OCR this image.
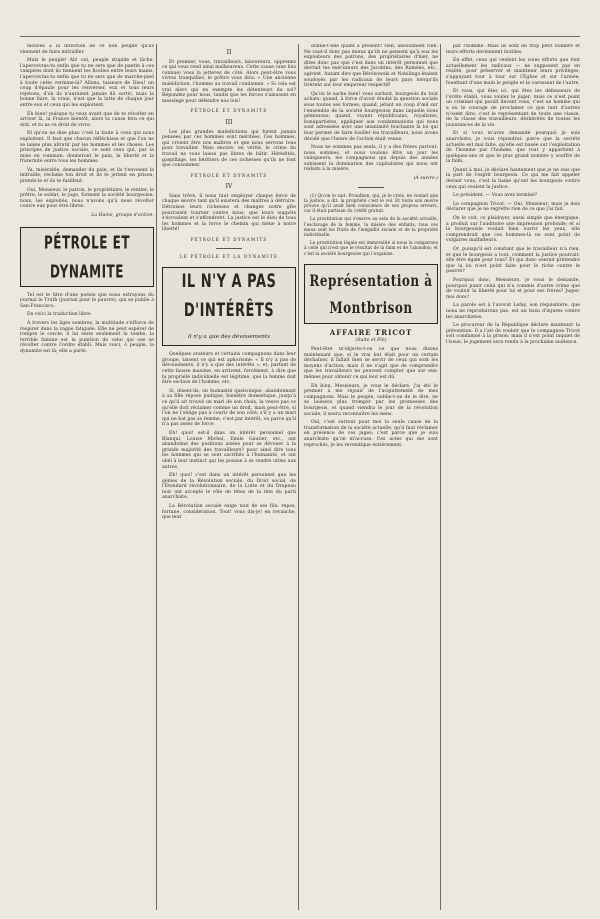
mouvez à la direction de ce bon peuple qu'ils viennent de faire mitrailler.

Mais le peuple! Ah! oui, peuple stupide et lâche, l'apercevras-tu enfin que tu ne sers que de pantin à ces vampires dont ils tiennent les ficelles entre leurs mains, l'apercevras-tu enfin que tu ne sers que de marche-pied à toute cette vermine-là? Allons, taiseurs de Dieu! un coup d'épaule pour les renverser, eux et tous leurs rejetons, d'où ils n'auraient jamais dû sortir; mais la bonne faire, la vraie, n'est que la lutte de chaque jour entre eux et ceux qui les exploitent.

Eh bien! puisque tu veux avant que de te révolter en arriver là, la France bientôt, alors ta cause fera ce qui doit, et tu as ce droit de vivre.

Et qu'on ne dise plus: c'est la faute à ceux qui nous exploitent. Il faut que chacun réfléchisse et que l'on ne se laisse plus abrutir par les hommes et les choses. Les principes de justice sociale, ce sont ceux qui, par la mise en commun, donneront le pain, la liberté et la fraternité entre tous les hommes.

Va, misérable, demander du pain, et ils t'envoient la mitraille; réclame ton droit et ils te jettent en prison; prends-le et ils te fusillent.

Oui, Monsieur, le patron, le propriétaire, le rentier, le prêtre, le soldat, le juge, forment la société bourgeoise; nous, les exploités, nous n'avons qu'à nous révolter contre eux pour être libres.

La Haine, groupe d'action.

PÉTROLE ET DYNAMITE

Tel est le titre d'une poésie que nous extrayons du journal le Truth (journal pour le pauvre), qui se publie à San-Francisco.

En voici la traduction libre:

À travers les âges sombres, la multitude s'efforce de respirer dans la vague fatiguée. Elle ne peut espérer de rompre le cercle; il lui reste seulement la tombe, la terrible famine est la punition de celui qui ose se révolter contre l'ordre établi. Mais voici, ô peuple, la dynamite est là; elle a parlé.

II

Et premier, vous, travailleurs, laboureurs, apprenez ce qui vous rend ainsi malheureux. Cette cause (une fois connue) vous la jetterez de côté. Alors peut-être vous vivrez tranquilles, le prêtre vous dira: « Une ancienne malédiction, l'homme au travail condamné. » Si cela est vrai alors qui en exempte les détenteurs du sol? Répondez pour nous, tandis que les forces s'amusent en messinge pour défendre nos lois!

PÉTROLE ET DYNAMITE

III

Les plus grandes malédictions qui furent jamais pensées par ces hommes sont méritées. Ces hommes, qui croient être nos maîtres et que nous servons tous pour travailler. Mais encore, en vérité, le crime du travail ne vous laisse pas libres de bâtir. Hérédités, gaspillage, les héritiers de ces richesses qu'ils ne font que consommer.

PÉTROLE ET DYNAMITE

IV

Sans trêve, il nous faut employer chaque force de chaque œuvre tant qu'il existera des maîtres à détruire. Détruisez leurs richesses et changez notre gîte pourraient tourner contre nous; que leurs suppôts s'écroulent et s'effondrent. La justice est le dieu de tous les hommes et la force le chemin qui mène à notre liberté!

PÉTROLE ET DYNAMITE

LE PÉTROLE ET LA DYNAMITE

IL N'Y A PAS D'INTÉRÊTS
il n'y a que des dévouements

Quelques orateurs et certains compagnons dans leur groupe, taisent ce qui est aphorisme: « Il n'y a pas de dévouements, il n'y a que des intérêts »; et, partant de cette fausse maxime, en arrivent, forcément, à dire que la propriété individuelle est légitime, que la femme doit être esclave de l'homme, etc.

Si, disent-ils, on humanité quelconque, abandonnant à sa fille repose pudique, bienêtre domestique, jusqu'à ce qu'il ait trouvé un mari de son choix, la veuve pas ce qu'elle doit réclamer comme un droit, mais peut-être, si l'on ne l'oblige pas à courir de son côté; s'il y a un mari qui ne bat pas sa femme, c'est par intérêt, ou parce qu'il n'a pas assez de force.

Eh! quoi! est-il dans un intérêt personnel que Blanqui, Louise Michel, Emile Gautier, etc., ont abandonné des positions aisées pour se dévouer à la grande majorité des travailleurs? pour ainsi dire tous les hommes qui se sont sacrifiés à l'humanité, et ont obéi à leur instinct qui les pousse à se rendre utiles aux autres.

Eh! quoi! c'est dans un intérêt personnel que les génies de la Révolution sociale, du Droit social, de l'Étendard révolutionnaire, de la Lutte et du Drapeau noir ont accepté le rôle de têtes de la tête du parti anarchiste.

La Révolution sociale exige tout de ses fils: repos, fortune, considération. Tout! vous dis-je! en revanche, que leur

donne-t-elle quant à présent? rien, absolument rien. Ne vaut-il donc pas mieux qu'ils ne pensent qu'à eux les exploiteurs des patrons, des propriétaires d'hier, ne dites donc pas que c'est dans un intérêt personnel que devrait les exécuteurs des Jacobins, des Ramées, etc., agirent. Autant dire que Bérézowski et Nobilings étaient soudoyés par les radicaux de leurs pays lorsqu'ils tirèrent sur leur empereur respectif!

Qu'on le sache bien! vous surtout, bourgeois du tout achats: quand, à force d'avoir étudié la question sociale sous toutes ses formes; quand, jetant un coup d'œil sur l'ensemble de la société bourgeoise dans laquelle nous gémissons; quand, voyant républicains, royalistes, bonapartistes, appliquer aux condamnations qui nous sont adressées avec une unanimité touchante la loi qui leur permet de faire fusiller les travailleurs, nous avons décidé que l'heure de l'action était venue.

Nous ne sommes pas seuls, il y a des frères partout; nous sommes, et nous voulons être un jour les vainqueurs, les compagnons qui depuis des années subissent la domination des capitalistes qui nous ont réduits à la misère.

(A suivre.)

(1) Qu'on le sait: Proudhon, qui, je le crois, ne voulait que la justice, a dit: la propriété c'est le vol. Et toute son œuvre prouve qu'il avait bien conscience de ses propres erreurs, car il était partisan du crédit gratuit.

La prostitution qui s'exerce au sein de la société actuelle, l'esclavage de la femme, la misère des enfants, tous ces maux sont les fruits de l'inégalité sociale et de la propriété individuelle.

Le prostitution légale est immoralité si nous la comparons à celle qui n'est que le résultat de la faim et de l'abandon; et c'est la société bourgeoise qui l'organise.

Représentation à Montbrison

AFFAIRE TRICOT

(Suite et Fin)

Peut-être m'objecte-t-on ce que nous disons maintenant que, si le vrai but était pour un certain déchaîner, il fallait bien se servir de ceux qui sont les moyens d'action; mais il ne s'agit que de comprendre que les travailleurs ne peuvent compter que sur eux-mêmes pour obtenir ce qui leur est dû.

Eh bien, Messieurs, je vous le déclare, j'ai été le premier à me réjouir de l'acquittement de mes compagnons. Mais le peuple, oublie-t-on de le dire, ne se laissera plus tromper par les promesses des bourgeois, et quand viendra le jour de la révolution sociale, il saura reconnaître les siens.

Oui, c'est surtout pour moi la seule cause de la transformation de la société actuelle, qu'il faut réclamer en présence de ces juges; c'est parce que je suis anarchiste qu'on m'accuse. Ces actes qui me sont reprochés, je les revendique entièrement.

par l'homme. Mais ils sont en trop petit nombre et leurs efforts deviennent inutiles.

En effet, ceux qui veulent les voies efforts que font actuellement les radicaux — ne supposent pas en réalité, pour préserver et maintenir leurs privilèges, s'appuyant tour à tour sur l'Église et sur l'armée, fouettant d'une main le peuple et le caressant de l'autre.

Et vous, qui êtes ici, qui êtes les défenseurs de l'ordre établi, vous voulez le juger; mais ce n'est point un criminel qui paraît devant vous, c'est un homme qui a eu le courage de proclamer ce que tant d'autres n'osent dire; c'est le représentant de toute une classe, de la classe des travailleurs, déshérités de toutes les jouissances de la vie.

Et si vous m'avez demandé pourquoi je suis anarchiste, je vous répondrai: parce que la société actuelle est mal faite, qu'elle est basée sur l'exploitation de l'homme par l'homme, que tout y appartient à quelques-uns et que le plus grand nombre y souffre de la faim.

Quant à moi, je déclare hautement que je ne suis que la part de l'esprit bourgeois. Ce qui me fait appeler devant vous, c'est la haine qu'ont les bourgeois contre ceux qui veulent la justice.

Le président. — Vous avez terminé?

Le compagnon Tricot. — Oui, Monsieur; mais je dois déclarer que je ne regrette rien de ce que j'ai fait.

On le voit, ce plaidoyer, aussi simple que énergique, a produit sur l'auditoire une impression profonde; et si la bourgeoisie voulait bien ouvrir les yeux, elle comprendrait que ces hommes-là ne sont point de vulgaires malfaiteurs.

Or, puisqu'il est constant que le travailleur n'a rien, et que le bourgeois a tout, comment la justice pourrait-elle être égale pour tous? Et qui donc oserait prétendre que la loi n'est point faite pour le riche contre le pauvre?

Pourquoi donc, Messieurs, je vous le demande, pourquoi punir celui qui n'a commis d'autre crime que de vouloir la liberté pour lui et pour ses frères? Jugez-moi donc!

La parole est à l'avocat Lefay, son réquisitoire, que nous ne reproduirons pas, est un tissu d'injures contre les anarchistes.

Le procureur de la République déclare maintenir la prévention. Il a l'air de vouloir que le compagnon Tricot soit condamné à la prison; mais il n'est point inquiet de l'issue, le jugement sera rendu à la prochaine audience.
